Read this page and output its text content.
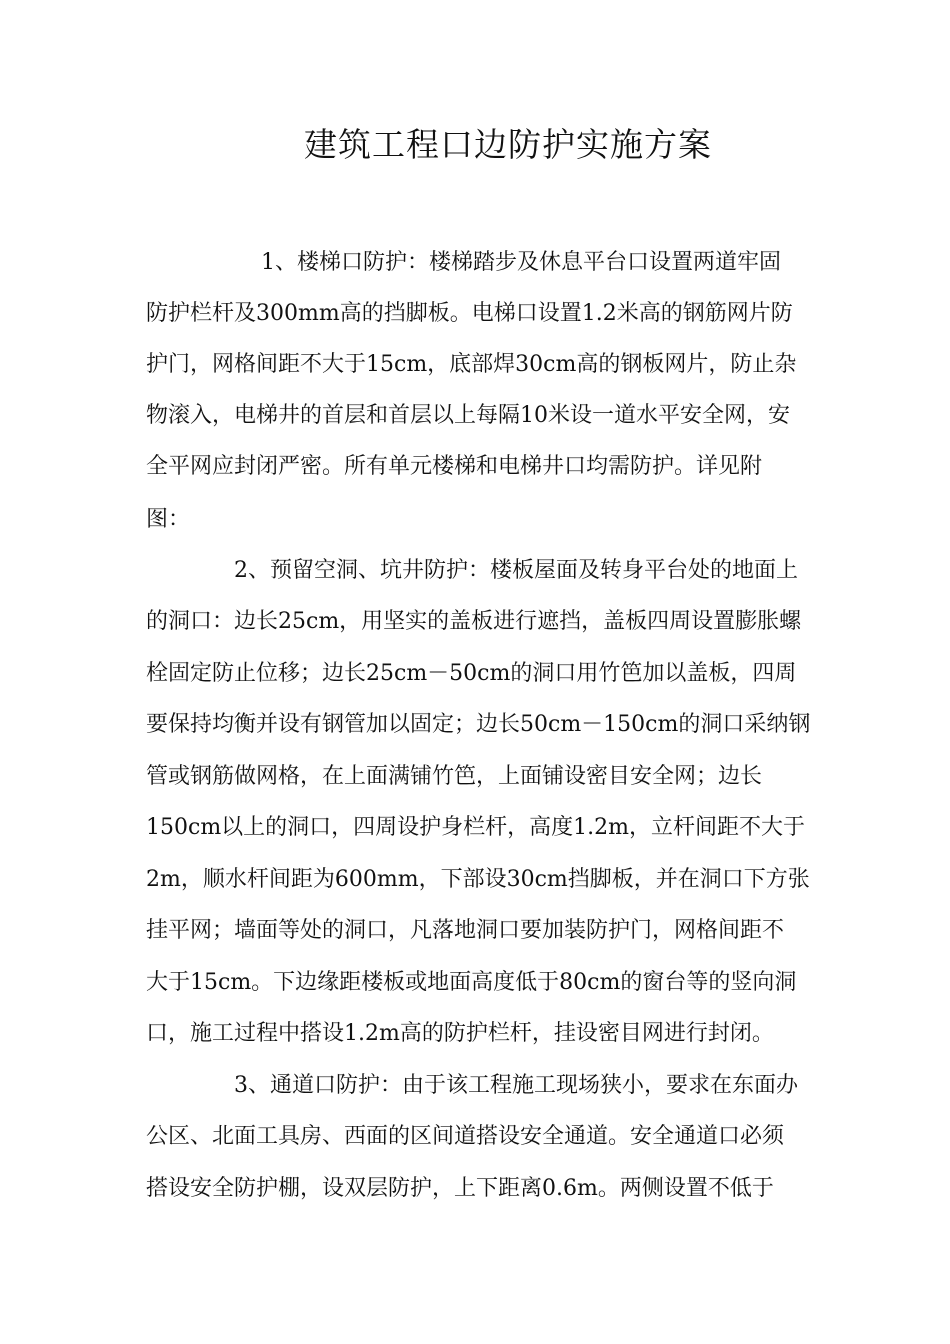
建筑工程口边防护实施方案
1、楼梯口防护：楼梯踏步及休息平台口设置两道牢固
防护栏杆及300mm高的挡脚板。电梯口设置1.2米高的钢筋网片防
护门，网格间距不大于15cm，底部焊30cm高的钢板网片，防止杂
物滚入，电梯井的首层和首层以上每隔10米设一道水平安全网，安
全平网应封闭严密。所有单元楼梯和电梯井口均需防护。详见附
图：
2、预留空洞、坑井防护：楼板屋面及转身平台处的地面上
的洞口：边长25cm，用坚实的盖板进行遮挡，盖板四周设置膨胀螺
栓固定防止位移；边长25cm－50cm的洞口用竹笆加以盖板，四周
要保持均衡并设有钢管加以固定；边长50cm－150cm的洞口采纳钢
管或钢筋做网格，在上面满铺竹笆，上面铺设密目安全网；边长
150cm以上的洞口，四周设护身栏杆，高度1.2m，立杆间距不大于
2m，顺水杆间距为600mm，下部设30cm挡脚板，并在洞口下方张
挂平网；墙面等处的洞口，凡落地洞口要加装防护门，网格间距不
大于15cm。下边缘距楼板或地面高度低于80cm的窗台等的竖向洞
口，施工过程中搭设1.2m高的防护栏杆，挂设密目网进行封闭。
3、通道口防护：由于该工程施工现场狭小，要求在东面办
公区、北面工具房、西面的区间道搭设安全通道。安全通道口必须
搭设安全防护棚，设双层防护，上下距离0.6m。两侧设置不低于
